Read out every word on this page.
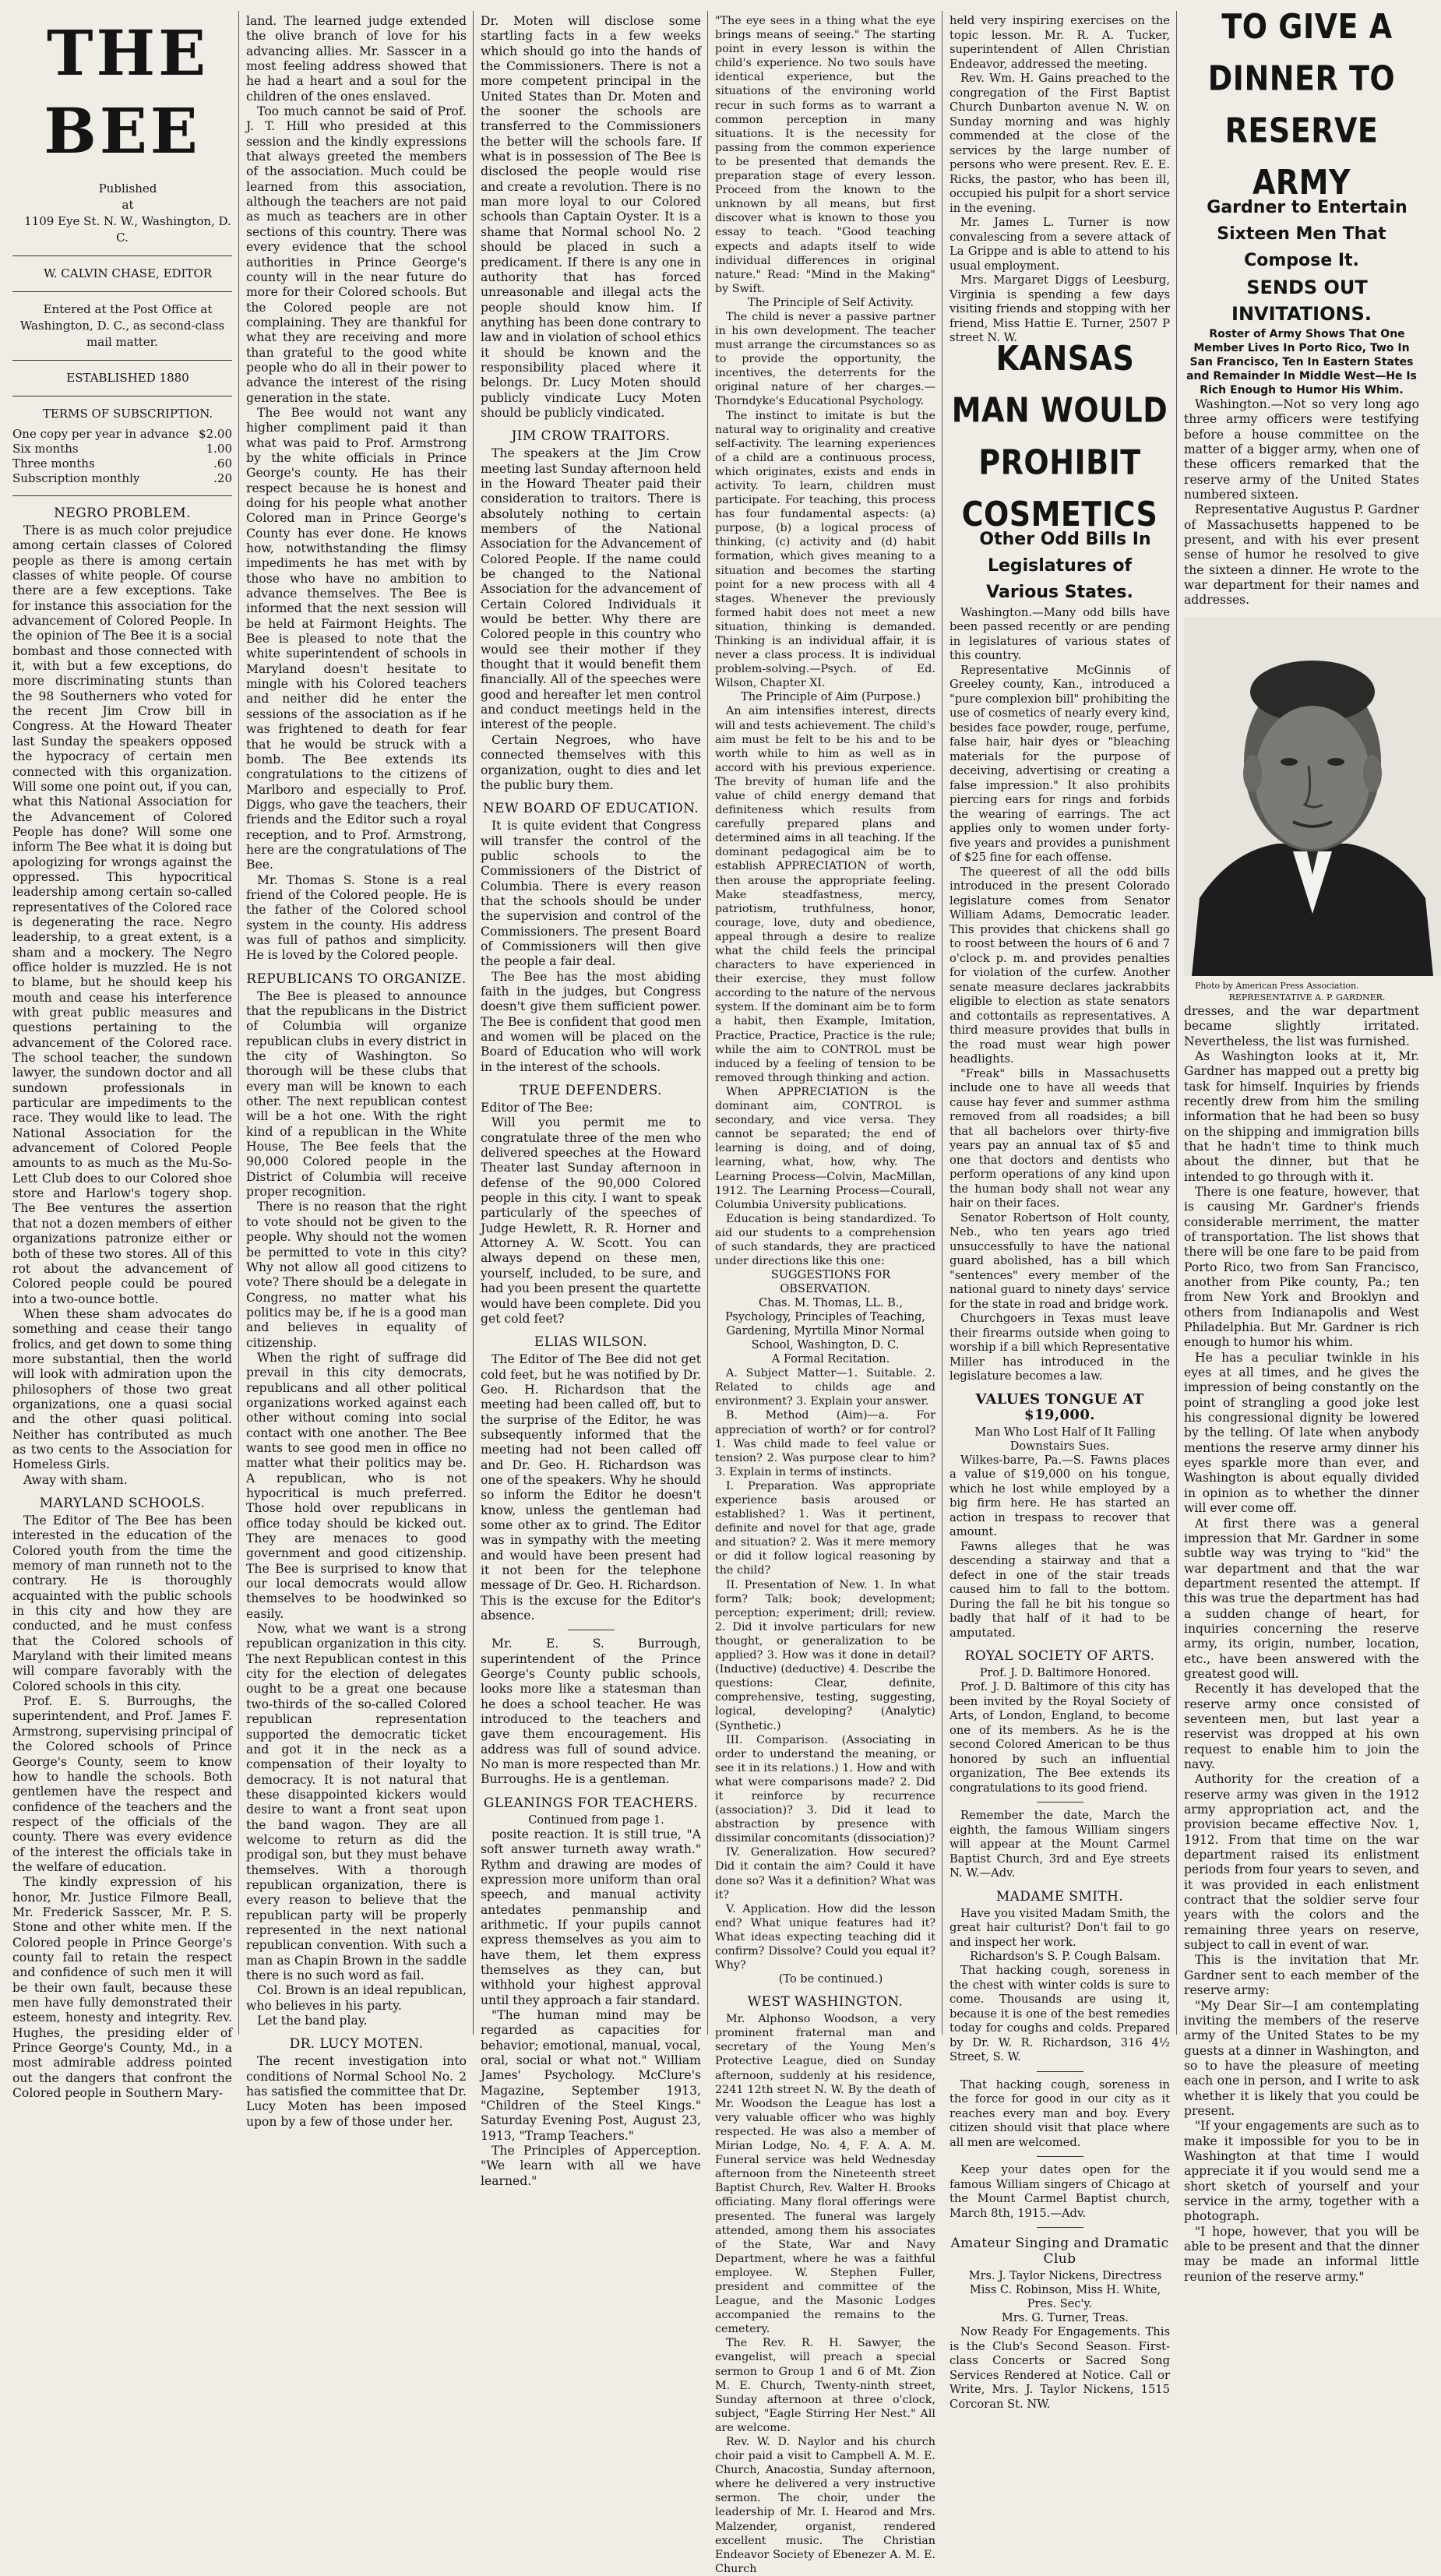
THE BEE

Published

at

1109 Eye St. N. W., Washington, D. C.

W. CALVIN CHASE, EDITOR

Entered at the Post Office at Washington, D. C., as second-class mail matter.

ESTABLISHED 1880

TERMS OF SUBSCRIPTION.

One copy per year in advance $2.00
Six months	1.00
Three months	.60
Subscription monthly	.20
NEGRO PROBLEM.

There is as much color prejudice among certain classes of Colored people as there is among certain classes of white people. Of course there are a few exceptions. Take for instance this association for the advancement of Colored People. In the opinion of The Bee it is a social bombast and those connected with it, with but a few exceptions, do more discriminating stunts than the 98 Southerners who voted for the recent Jim Crow bill in Congress. At the Howard Theater last Sunday the speakers opposed the hypocracy of certain men connected with this organization. Will some one point out, if you can, what this National Association for the Advancement of Colored People has done? Will some one inform The Bee what it is doing but apologizing for wrongs against the oppressed. This hypocritical leadership among certain so-called representatives of the Colored race is degenerating the race. Negro leadership, to a great extent, is a sham and a mockery. The Negro office holder is muzzled. He is not to blame, but he should keep his mouth and cease his interference with great public measures and questions pertaining to the advancement of the Colored race. The school teacher, the sundown lawyer, the sundown doctor and all sundown professionals in particular are impediments to the race. They would like to lead. The National Association for the advancement of Colored People amounts to as much as the Mu-So-Lett Club does to our Colored shoe store and Harlow's togery shop. The Bee ventures the assertion that not a dozen members of either organizations patronize either or both of these two stores. All of this rot about the advancement of Colored people could be poured into a two-ounce bottle.

When these sham advocates do something and cease their tango frolics, and get down to some thing more substantial, then the world will look with admiration upon the philosophers of those two great organizations, one a quasi social and the other quasi political. Neither has contributed as much as two cents to the Association for Homeless Girls.

Away with sham.

MARYLAND SCHOOLS.

The Editor of The Bee has been interested in the education of the Colored youth from the time the memory of man runneth not to the contrary. He is thoroughly acquainted with the public schools in this city and how they are conducted, and he must confess that the Colored schools of Maryland with their limited means will compare favorably with the Colored schools in this city.

Prof. E. S. Burroughs, the superintendent, and Prof. James F. Armstrong, supervising principal of the Colored schools of Prince George's County, seem to know how to handle the schools. Both gentlemen have the respect and confidence of the teachers and the respect of the officials of the county. There was every evidence of the interest the officials take in the welfare of education.

The kindly expression of his honor, Mr. Justice Filmore Beall, Mr. Frederick Sasscer, Mr. P. S. Stone and other white men. If the Colored people in Prince George's county fail to retain the respect and confidence of such men it will be their own fault, because these men have fully demonstrated their esteem, honesty and integrity. Rev. Hughes, the presiding elder of Prince George's County, Md., in a most admirable address pointed out the dangers that confront the Colored people in Southern Mary-

land. The learned judge extended the olive branch of love for his advancing allies. Mr. Sasscer in a most feeling address showed that he had a heart and a soul for the children of the ones enslaved.

Too much cannot be said of Prof. J. T. Hill who presided at this session and the kindly expressions that always greeted the members of the association. Much could be learned from this association, although the teachers are not paid as much as teachers are in other sections of this country. There was every evidence that the school authorities in Prince George's county will in the near future do more for their Colored schools. But the Colored people are not complaining. They are thankful for what they are receiving and more than grateful to the good white people who do all in their power to advance the interest of the rising generation in the state.

The Bee would not want any higher compliment paid it than what was paid to Prof. Armstrong by the white officials in Prince George's county. He has their respect because he is honest and doing for his people what another Colored man in Prince George's County has ever done. He knows how, notwithstanding the flimsy impediments he has met with by those who have no ambition to advance themselves. The Bee is informed that the next session will be held at Fairmont Heights. The Bee is pleased to note that the white superintendent of schools in Maryland doesn't hesitate to mingle with his Colored teachers and neither did he enter the sessions of the association as if he was frightened to death for fear that he would be struck with a bomb. The Bee extends its congratulations to the citizens of Marlboro and especially to Prof. Diggs, who gave the teachers, their friends and the Editor such a royal reception, and to Prof. Armstrong, here are the congratulations of The Bee.

Mr. Thomas S. Stone is a real friend of the Colored people. He is the father of the Colored school system in the county. His address was full of pathos and simplicity. He is loved by the Colored people.

REPUBLICANS TO ORGANIZE.

The Bee is pleased to announce that the republicans in the District of Columbia will organize republican clubs in every district in the city of Washington. So thorough will be these clubs that every man will be known to each other. The next republican contest will be a hot one. With the right kind of a republican in the White House, The Bee feels that the 90,000 Colored people in the District of Columbia will receive proper recognition.

There is no reason that the right to vote should not be given to the people. Why should not the women be permitted to vote in this city? Why not allow all good citizens to vote? There should be a delegate in Congress, no matter what his politics may be, if he is a good man and believes in equality of citizenship.

When the right of suffrage did prevail in this city democrats, republicans and all other political organizations worked against each other without coming into social contact with one another. The Bee wants to see good men in office no matter what their politics may be. A republican, who is not hypocritical is much preferred. Those hold over republicans in office today should be kicked out. They are menaces to good government and good citizenship. The Bee is surprised to know that our local democrats would allow themselves to be hoodwinked so easily.

Now, what we want is a strong republican organization in this city. The next Republican contest in this city for the election of delegates ought to be a great one because two-thirds of the so-called Colored republican representation supported the democratic ticket and got it in the neck as a compensation of their loyalty to democracy. It is not natural that these disappointed kickers would desire to want a front seat upon the band wagon. They are all welcome to return as did the prodigal son, but they must behave themselves. With a thorough republican organization, there is every reason to believe that the republican party will be properly represented in the next national republican convention. With such a man as Chapin Brown in the saddle there is no such word as fail.

Col. Brown is an ideal republican, who believes in his party.

Let the band play.

DR. LUCY MOTEN.

The recent investigation into conditions of Normal School No. 2 has satisfied the committee that Dr. Lucy Moten has been imposed upon by a few of those under her.

Dr. Moten will disclose some startling facts in a few weeks which should go into the hands of the Commissioners. There is not a more competent principal in the United States than Dr. Moten and the sooner the schools are transferred to the Commissioners the better will the schools fare. If what is in possession of The Bee is disclosed the people would rise and create a revolution. There is no man more loyal to our Colored schools than Captain Oyster. It is a shame that Normal school No. 2 should be placed in such a predicament. If there is any one in authority that has forced unreasonable and illegal acts the people should know him. If anything has been done contrary to law and in violation of school ethics it should be known and the responsibility placed where it belongs. Dr. Lucy Moten should publicly vindicate Lucy Moten should be publicly vindicated.

JIM CROW TRAITORS.

The speakers at the Jim Crow meeting last Sunday afternoon held in the Howard Theater paid their consideration to traitors. There is absolutely nothing to certain members of the National Association for the Advancement of Colored People. If the name could be changed to the National Association for the advancement of Certain Colored Individuals it would be better. Why there are Colored people in this country who would see their mother if they thought that it would benefit them financially. All of the speeches were good and hereafter let men control and conduct meetings held in the interest of the people.

Certain Negroes, who have connected themselves with this organization, ought to dies and let the public bury them.

NEW BOARD OF EDUCATION.

It is quite evident that Congress will transfer the control of the public schools to the Commissioners of the District of Columbia. There is every reason that the schools should be under the supervision and control of the Commissioners. The present Board of Commissioners will then give the people a fair deal.

The Bee has the most abiding faith in the judges, but Congress doesn't give them sufficient power. The Bee is confident that good men and women will be placed on the Board of Education who will work in the interest of the schools.

TRUE DEFENDERS.

Editor of The Bee:

Will you permit me to congratulate three of the men who delivered speeches at the Howard Theater last Sunday afternoon in defense of the 90,000 Colored people in this city. I want to speak particularly of the speeches of Judge Hewlett, R. R. Horner and Attorney A. W. Scott. You can always depend on these men, yourself, included, to be sure, and had you been present the quartette would have been complete. Did you get cold feet?

ELIAS WILSON.

The Editor of The Bee did not get cold feet, but he was notified by Dr. Geo. H. Richardson that the meeting had been called off, but to the surprise of the Editor, he was subsequently informed that the meeting had not been called off and Dr. Geo. H. Richardson was one of the speakers. Why he should so inform the Editor he doesn't know, unless the gentleman had some other ax to grind. The Editor was in sympathy with the meeting and would have been present had it not been for the telephone message of Dr. Geo. H. Richardson. This is the excuse for the Editor's absence.

Mr. E. S. Burrough, superintendent of the Prince George's County public schools, looks more like a statesman than he does a school teacher. He was introduced to the teachers and gave them encouragement. His address was full of sound advice. No man is more respected than Mr. Burroughs. He is a gentleman.

GLEANINGS FOR TEACHERS.

Continued from page 1.

posite reaction. It is still true, "A soft answer turneth away wrath." Rythm and drawing are modes of expression more uniform than oral speech, and manual activity antedates penmanship and arithmetic. If your pupils cannot express themselves as you aim to have them, let them express themselves as they can, but withhold your highest approval until they approach a fair standard.

"The human mind may be regarded as capacities for behavior; emotional, manual, vocal, oral, social or what not." William James' Psychology. McClure's Magazine, September 1913, "Children of the Steel Kings." Saturday Evening Post, August 23, 1913, "Tramp Teachers."

The Principles of Apperception. "We learn with all we have learned."

"The eye sees in a thing what the eye brings means of seeing." The starting point in every lesson is within the child's experience. No two souls have identical experience, but the situations of the environing world recur in such forms as to warrant a common perception in many situations. It is the necessity for passing from the common experience to be presented that demands the preparation stage of every lesson. Proceed from the known to the unknown by all means, but first discover what is known to those you essay to teach. "Good teaching expects and adapts itself to wide individual differences in original nature." Read: "Mind in the Making" by Swift.

The Principle of Self Activity.

The child is never a passive partner in his own development. The teacher must arrange the circumstances so as to provide the opportunity, the incentives, the deterrents for the original nature of her charges.—Thorndyke's Educational Psychology.

The instinct to imitate is but the natural way to originality and creative self-activity. The learning experiences of a child are a continuous process, which originates, exists and ends in activity. To learn, children must participate. For teaching, this process has four fundamental aspects: (a) purpose, (b) a logical process of thinking, (c) activity and (d) habit formation, which gives meaning to a situation and becomes the starting point for a new process with all 4 stages. Whenever the previously formed habit does not meet a new situation, thinking is demanded. Thinking is an individual affair, it is never a class process. It is individual problem-solving.—Psych. of Ed. Wilson, Chapter XI.

The Principle of Aim (Purpose.)

An aim intensifies interest, directs will and tests achievement. The child's aim must be felt to be his and to be worth while to him as well as in accord with his previous experience. The brevity of human life and the value of child energy demand that definiteness which results from carefully prepared plans and determined aims in all teaching. If the dominant pedagogical aim be to establish APPRECIATION of worth, then arouse the appropriate feeling. Make steadfastness, mercy, patriotism, truthfulness, honor, courage, love, duty and obedience, appeal through a desire to realize what the child feels the principal characters to have experienced in their exercise, they must follow according to the nature of the nervous system. If the dominant aim be to form a habit, then Example, Imitation, Practice, Practice, Practice is the rule; while the aim to CONTROL must be induced by a feeling of tension to be removed through thinking and action.

When APPRECIATION is the dominant aim, CONTROL is secondary, and vice versa. They cannot be separated; the end of learning is doing, and of doing, learning, what, how, why. The Learning Process—Colvin, MacMillan, 1912. The Learning Process—Courall, Columbia University publications.

Education is being standardized. To aid our students to a comprehension of such standards, they are practiced under directions like this one:

SUGGESTIONS FOR OBSERVATION.

Chas. M. Thomas, LL. B., Psychology, Principles of Teaching, Gardening, Myrtilla Minor Normal School, Washington, D. C.

A Formal Recitation.

A. Subject Matter—1. Suitable. 2. Related to childs age and environment? 3. Explain your answer.

B. Method (Aim)—a. For appreciation of worth? or for control? 1. Was child made to feel value or tension? 2. Was purpose clear to him? 3. Explain in terms of instincts.

I. Preparation. Was appropriate experience basis aroused or established? 1. Was it pertinent, definite and novel for that age, grade and situation? 2. Was it mere memory or did it follow logical reasoning by the child?

II. Presentation of New. 1. In what form? Talk; book; development; perception; experiment; drill; review. 2. Did it involve particulars for new thought, or generalization to be applied? 3. How was it done in detail? (Inductive) (deductive) 4. Describe the questions: Clear, definite, comprehensive, testing, suggesting, logical, developing? (Analytic) (Synthetic.)

III. Comparison. (Associating in order to understand the meaning, or see it in its relations.) 1. How and with what were comparisons made? 2. Did it reinforce by recurrence (association)? 3. Did it lead to abstraction by presence with dissimilar concomitants (dissociation)?

IV. Generalization. How secured? Did it contain the aim? Could it have done so? Was it a definition? What was it?

V. Application. How did the lesson end? What unique features had it? What ideas expecting teaching did it confirm? Dissolve? Could you equal it? Why?

(To be continued.)

WEST WASHINGTON.

Mr. Alphonso Woodson, a very prominent fraternal man and secretary of the Young Men's Protective League, died on Sunday afternoon, suddenly at his residence, 2241 12th street N. W. By the death of Mr. Woodson the League has lost a very valuable officer who was highly respected. He was also a member of Mirian Lodge, No. 4, F. A. A. M. Funeral service was held Wednesday afternoon from the Nineteenth street Baptist Church, Rev. Walter H. Brooks officiating. Many floral offerings were presented. The funeral was largely attended, among them his associates of the State, War and Navy Department, where he was a faithful employee. W. Stephen Fuller, president and committee of the League, and the Masonic Lodges accompanied the remains to the cemetery.

The Rev. R. H. Sawyer, the evangelist, will preach a special sermon to Group 1 and 6 of Mt. Zion M. E. Church, Twenty-ninth street, Sunday afternoon at three o'clock, subject, "Eagle Stirring Her Nest." All are welcome.

Rev. W. D. Naylor and his church choir paid a visit to Campbell A. M. E. Church, Anacostia, Sunday afternoon, where he delivered a very instructive sermon. The choir, under the leadership of Mr. I. Hearod and Mrs. Malzender, organist, rendered excellent music. The Christian Endeavor Society of Ebenezer A. M. E. Church

held very inspiring exercises on the topic lesson. Mr. R. A. Tucker, superintendent of Allen Christian Endeavor, addressed the meeting.

Rev. Wm. H. Gains preached to the congregation of the First Baptist Church Dunbarton avenue N. W. on Sunday morning and was highly commended at the close of the services by the large number of persons who were present. Rev. E. E. Ricks, the pastor, who has been ill, occupied his pulpit for a short service in the evening.

Mr. James L. Turner is now convalescing from a severe attack of La Grippe and is able to attend to his usual employment.

Mrs. Margaret Diggs of Leesburg, Virginia is spending a few days visiting friends and stopping with her friend, Miss Hattie E. Turner, 2507 P street N. W.

KANSAS MAN WOULD PROHIBIT COSMETICS

Other Odd Bills In Legislatures of Various States.

Washington.—Many odd bills have been passed recently or are pending in legislatures of various states of this country.

Representative McGinnis of Greeley county, Kan., introduced a "pure complexion bill" prohibiting the use of cosmetics of nearly every kind, besides face powder, rouge, perfume, false hair, hair dyes or "bleaching materials for the purpose of deceiving, advertising or creating a false impression." It also prohibits piercing ears for rings and forbids the wearing of earrings. The act applies only to women under forty-five years and provides a punishment of $25 fine for each offense.

The queerest of all the odd bills introduced in the present Colorado legislature comes from Senator William Adams, Democratic leader. This provides that chickens shall go to roost between the hours of 6 and 7 o'clock p. m. and provides penalties for violation of the curfew. Another senate measure declares jackrabbits eligible to election as state senators and cottontails as representatives. A third measure provides that bulls in the road must wear high power headlights.

"Freak" bills in Massachusetts include one to have all weeds that cause hay fever and summer asthma removed from all roadsides; a bill that all bachelors over thirty-five years pay an annual tax of $5 and one that doctors and dentists who perform operations of any kind upon the human body shall not wear any hair on their faces.

Senator Robertson of Holt county, Neb., who ten years ago tried unsuccessfully to have the national guard abolished, has a bill which "sentences" every member of the national guard to ninety days' service for the state in road and bridge work.

Churchgoers in Texas must leave their firearms outside when going to worship if a bill which Representative Miller has introduced in the legislature becomes a law.

VALUES TONGUE AT $19,000.

Man Who Lost Half of It Falling Downstairs Sues.

Wilkes-barre, Pa.—S. Fawns places a value of $19,000 on his tongue, which he lost while employed by a big firm here. He has started an action in trespass to recover that amount.

Fawns alleges that he was descending a stairway and that a defect in one of the stair treads caused him to fall to the bottom. During the fall he bit his tongue so badly that half of it had to be amputated.

ROYAL SOCIETY OF ARTS.

Prof. J. D. Baltimore Honored.

Prof. J. D. Baltimore of this city has been invited by the Royal Society of Arts, of London, England, to become one of its members. As he is the second Colored American to be thus honored by such an influential organization, The Bee extends its congratulations to its good friend.

Remember the date, March the eighth, the famous William singers will appear at the Mount Carmel Baptist Church, 3rd and Eye streets N. W.—Adv.

MADAME SMITH.

Have you visited Madam Smith, the great hair culturist? Don't fail to go and inspect her work.

Richardson's S. P. Cough Balsam.

That hacking cough, soreness in the chest with winter colds is sure to come. Thousands are using it, because it is one of the best remedies today for coughs and colds. Prepared by Dr. W. R. Richardson, 316 4½ Street, S. W.

That hacking cough, soreness in the force for good in our city as it reaches every man and boy. Every citizen should visit that place where all men are welcomed.

Keep your dates open for the famous William singers of Chicago at the Mount Carmel Baptist church, March 8th, 1915.—Adv.

Amateur Singing and Dramatic Club

Mrs. J. Taylor Nickens, Directress

Miss C. Robinson, Miss H. White, Pres. Sec'y.

Mrs. G. Turner, Treas.

Now Ready For Engagements. This is the Club's Second Season. First-class Concerts or Sacred Song Services Rendered at Notice. Call or Write, Mrs. J. Taylor Nickens, 1515 Corcoran St. NW.

TO GIVE A DINNER TO RESERVE ARMY

Gardner to Entertain Sixteen Men That Compose It.

SENDS OUT INVITATIONS.

Roster of Army Shows That One Member Lives In Porto Rico, Two In San Francisco, Ten In Eastern States and Remainder In Middle West—He Is Rich Enough to Humor His Whim.

Washington.—Not so very long ago three army officers were testifying before a house committee on the matter of a bigger army, when one of these officers remarked that the reserve army of the United States numbered sixteen.

Representative Augustus P. Gardner of Massachusetts happened to be present, and with his ever present sense of humor he resolved to give the sixteen a dinner. He wrote to the war department for their names and addresses.

Photo by American Press Association.

REPRESENTATIVE A. P. GARDNER.

dresses, and the war department became slightly irritated. Nevertheless, the list was furnished.

As Washington looks at it, Mr. Gardner has mapped out a pretty big task for himself. Inquiries by friends recently drew from him the smiling information that he had been so busy on the shipping and immigration bills that he hadn't time to think much about the dinner, but that he intended to go through with it.

There is one feature, however, that is causing Mr. Gardner's friends considerable merriment, the matter of transportation. The list shows that there will be one fare to be paid from Porto Rico, two from San Francisco, another from Pike county, Pa.; ten from New York and Brooklyn and others from Indianapolis and West Philadelphia. But Mr. Gardner is rich enough to humor his whim.

He has a peculiar twinkle in his eyes at all times, and he gives the impression of being constantly on the point of strangling a good joke lest his congressional dignity be lowered by the telling. Of late when anybody mentions the reserve army dinner his eyes sparkle more than ever, and Washington is about equally divided in opinion as to whether the dinner will ever come off.

At first there was a general impression that Mr. Gardner in some subtle way was trying to "kid" the war department and that the war department resented the attempt. If this was true the department has had a sudden change of heart, for inquiries concerning the reserve army, its origin, number, location, etc., have been answered with the greatest good will.

Recently it has developed that the reserve army once consisted of seventeen men, but last year a reservist was dropped at his own request to enable him to join the navy.

Authority for the creation of a reserve army was given in the 1912 army appropriation act, and the provision became effective Nov. 1, 1912. From that time on the war department raised its enlistment periods from four years to seven, and it was provided in each enlistment contract that the soldier serve four years with the colors and the remaining three years on reserve, subject to call in event of war.

This is the invitation that Mr. Gardner sent to each member of the reserve army:

"My Dear Sir—I am contemplating inviting the members of the reserve army of the United States to be my guests at a dinner in Washington, and so to have the pleasure of meeting each one in person, and I write to ask whether it is likely that you could be present.

"If your engagements are such as to make it impossible for you to be in Washington at that time I would appreciate it if you would send me a short sketch of yourself and your service in the army, together with a photograph.

"I hope, however, that you will be able to be present and that the dinner may be made an informal little reunion of the reserve army."
